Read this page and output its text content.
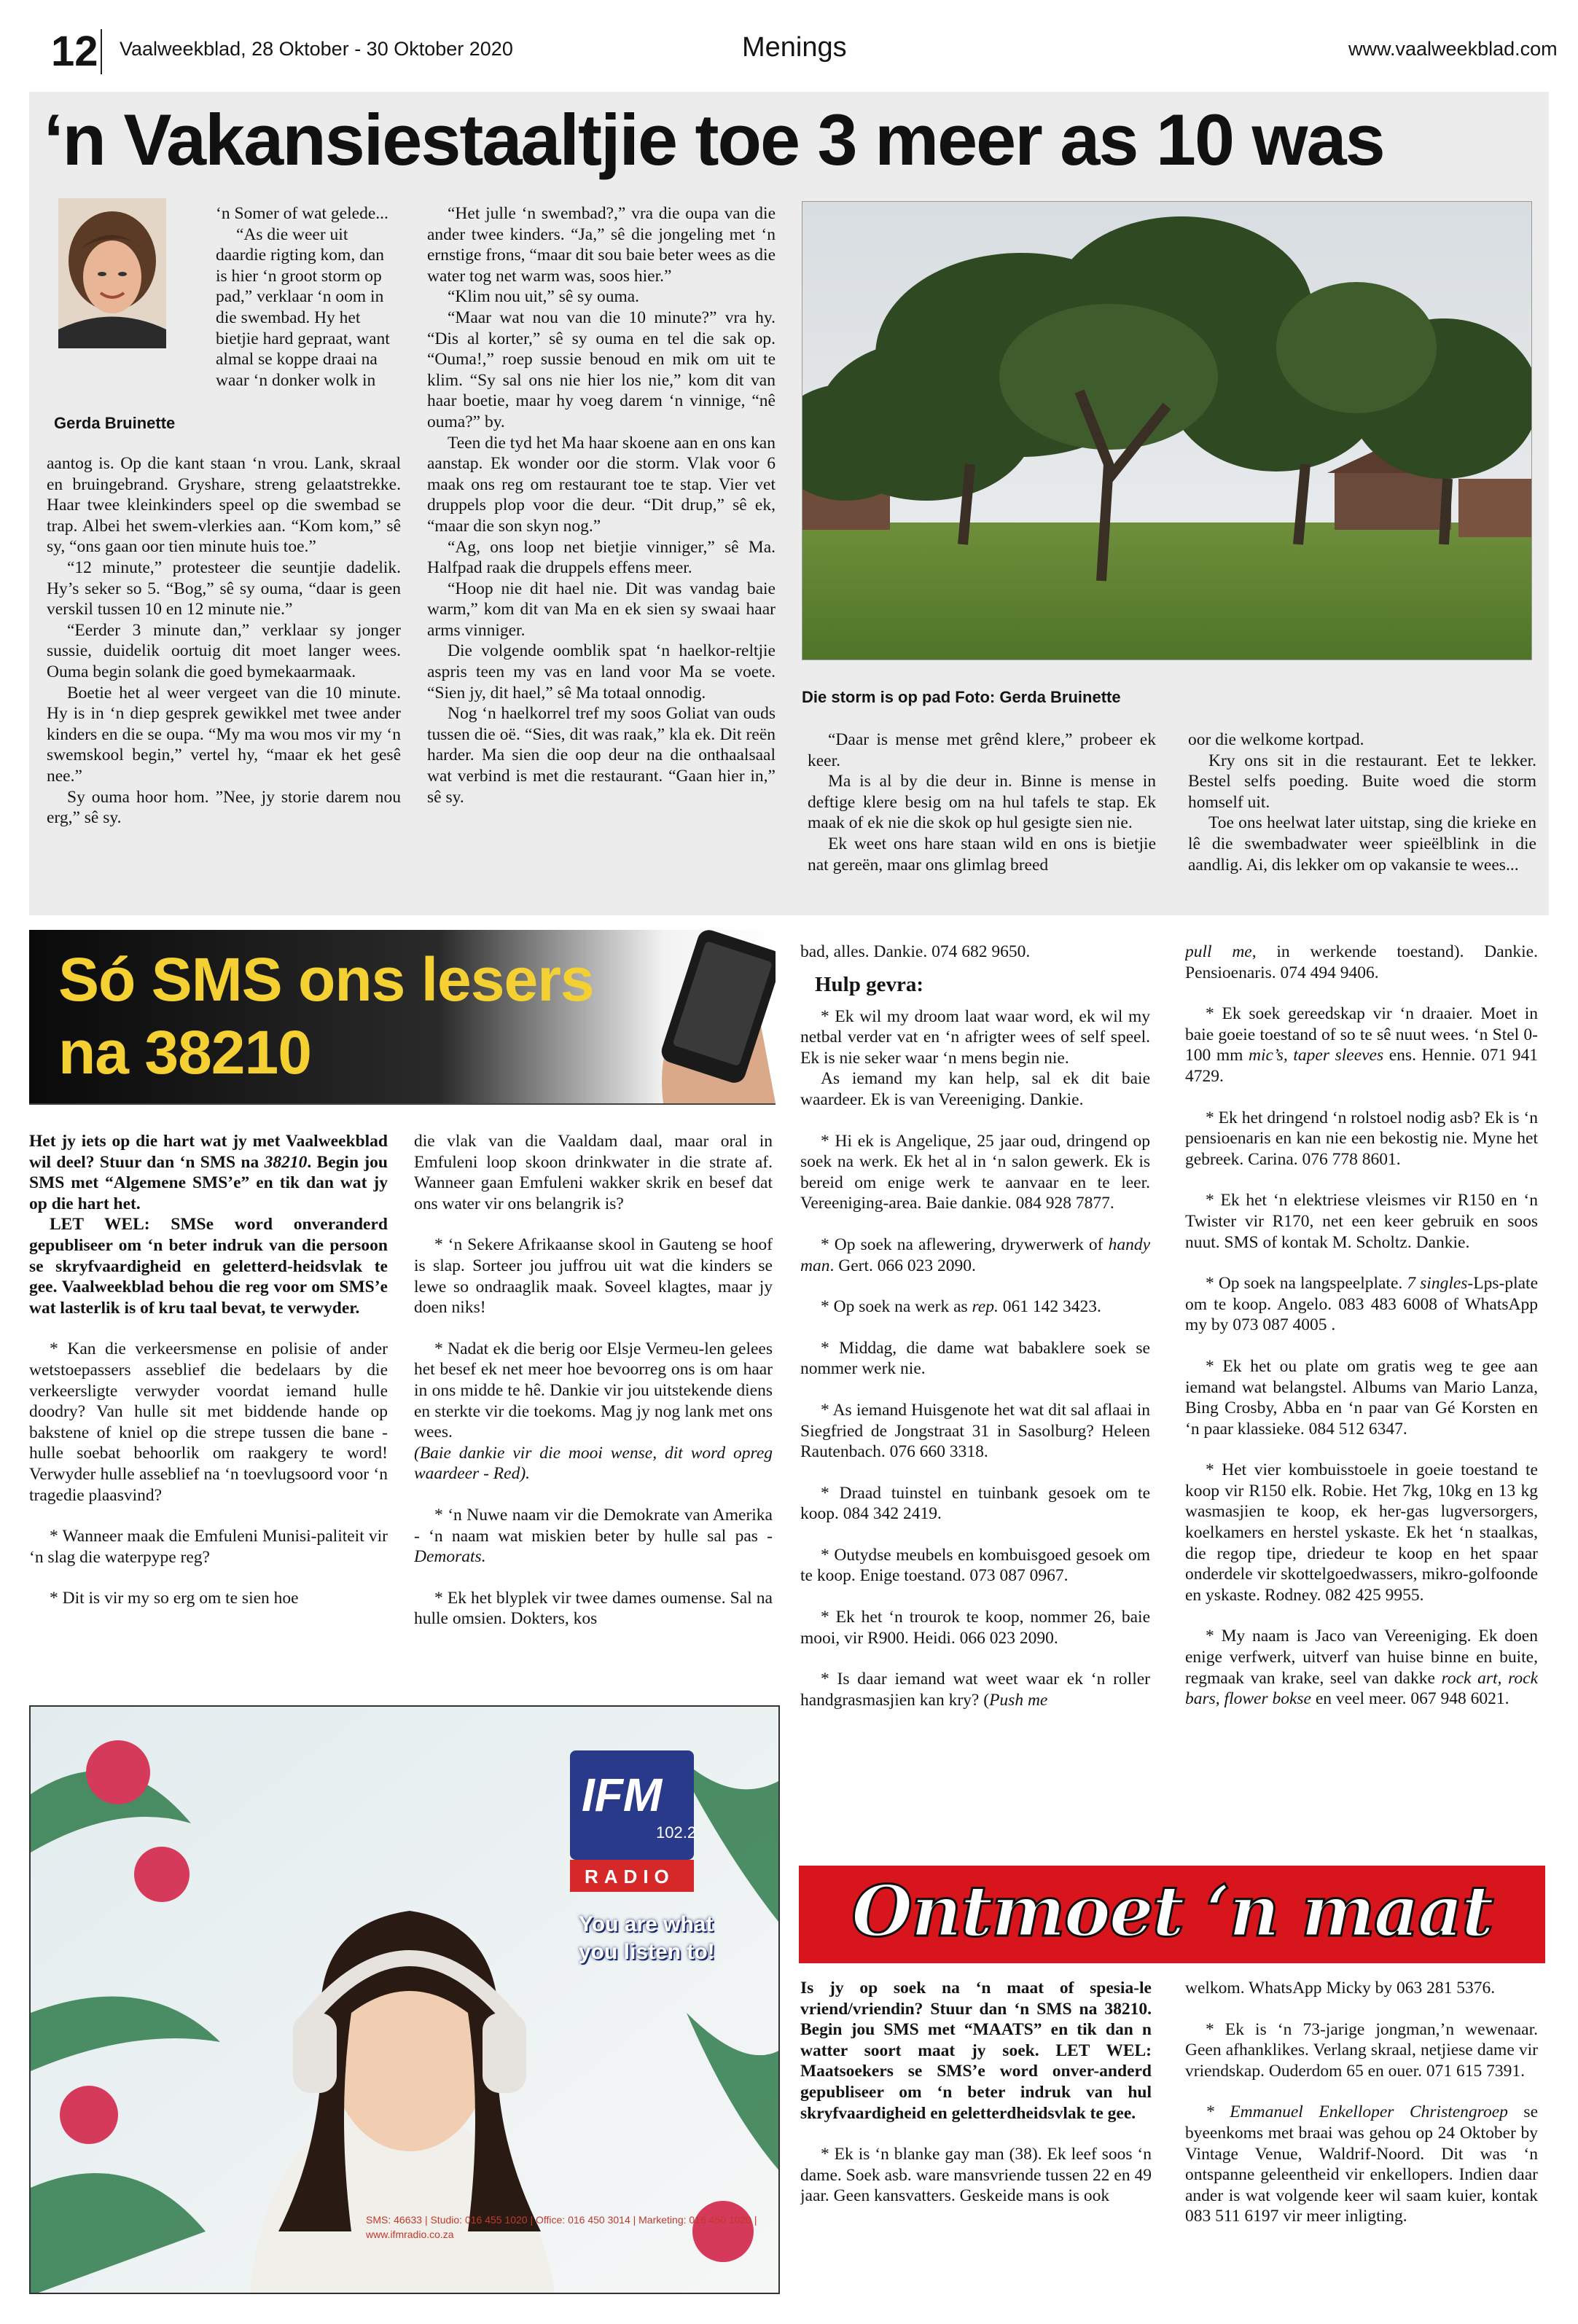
12 Vaalweekblad, 28 Oktober - 30 Oktober 2020	Menings	www.vaalweekblad.com
‘n Vakansiestaaltjie toe 3 meer as 10 was
Gerda Bruinette

‘n Somer of wat gelede...

“As die weer uit daardie rigting kom, dan is hier ‘n groot storm op pad,” verklaar ‘n oom in die swembad. Hy het bietjie hard gepraat, want almal se koppe draai na waar ‘n donker wolk in

aantog is. Op die kant staan ‘n vrou. Lank, skraal en bruingebrand. Gryshare, streng gelaatstrekke. Haar twee kleinkinders speel op die swembad se trap. Albei het swem-vlerkies aan. “Kom kom,” sê sy, “ons gaan oor tien minute huis toe.”

“12 minute,” protesteer die seuntjie dadelik. Hy’s seker so 5. “Bog,” sê sy ouma, “daar is geen verskil tussen 10 en 12 minute nie.”

“Eerder 3 minute dan,” verklaar sy jonger sussie, duidelik oortuig dit moet langer wees. Ouma begin solank die goed bymekaarmaak.

Boetie het al weer vergeet van die 10 minute. Hy is in ‘n diep gesprek gewikkel met twee ander kinders en die se oupa. “My ma wou mos vir my ‘n swemskool begin,” vertel hy, “maar ek het gesê nee.”

Sy ouma hoor hom. ”Nee, jy storie darem nou erg,” sê sy.

“Het julle ‘n swembad?,” vra die oupa van die ander twee kinders. “Ja,” sê die jongeling met ‘n ernstige frons, “maar dit sou baie beter wees as die water tog net warm was, soos hier.”

“Klim nou uit,” sê sy ouma.

“Maar wat nou van die 10 minute?” vra hy. “Dis al korter,” sê sy ouma en tel die sak op. “Ouma!,” roep sussie benoud en mik om uit te klim. “Sy sal ons nie hier los nie,” kom dit van haar boetie, maar hy voeg darem ‘n vinnige, “nê ouma?” by.

Teen die tyd het Ma haar skoene aan en ons kan aanstap. Ek wonder oor die storm. Vlak voor 6 maak ons reg om restaurant toe te stap. Vier vet druppels plop voor die deur. “Dit drup,” sê ek, “maar die son skyn nog.”

“Ag, ons loop net bietjie vinniger,” sê Ma. Halfpad raak die druppels effens meer.

“Hoop nie dit hael nie. Dit was vandag baie warm,” kom dit van Ma en ek sien sy swaai haar arms vinniger.

Die volgende oomblik spat ‘n haelkor-reltjie aspris teen my vas en land voor Ma se voete. “Sien jy, dit hael,” sê Ma totaal onnodig.

Nog ‘n haelkorrel tref my soos Goliat van ouds tussen die oë. “Sies, dit was raak,” kla ek. Dit reën harder. Ma sien die oop deur na die onthaalsaal wat verbind is met die restaurant. “Gaan hier in,” sê sy.

Die storm is op pad Foto: Gerda Bruinette

“Daar is mense met grênd klere,” probeer ek keer.

Ma is al by die deur in. Binne is mense in deftige klere besig om na hul tafels te stap. Ek maak of ek nie die skok op hul gesigte sien nie.

Ek weet ons hare staan wild en ons is bietjie nat gereën, maar ons glimlag breed

oor die welkome kortpad.

Kry ons sit in die restaurant. Eet te lekker. Bestel selfs poeding. Buite woed die storm homself uit.

Toe ons heelwat later uitstap, sing die krieke en lê die swembadwater weer spieëlblink in die aandlig. Ai, dis lekker om op vakansie te wees...

Só SMS ons lesers
na 38210

Het jy iets op die hart wat jy met Vaalweekblad wil deel? Stuur dan ‘n SMS na 38210. Begin jou SMS met “Algemene SMS’e” en tik dan wat jy op die hart het.

LET WEL: SMSe word onveranderd gepubliseer om ‘n beter indruk van die persoon se skryfvaardigheid en geletterd-heidsvlak te gee. Vaalweekblad behou die reg voor om SMS’e wat lasterlik is of kru taal bevat, te verwyder.

* Kan die verkeersmense en polisie of ander wetstoepassers asseblief die bedelaars by die verkeersligte verwyder voordat iemand hulle doodry? Van hulle sit met biddende hande op bakstene of kniel op die strepe tussen die bane - hulle soebat behoorlik om raakgery te word! Verwyder hulle asseblief na ‘n toevlugsoord voor ‘n tragedie plaasvind?

* Wanneer maak die Emfuleni Munisi-paliteit vir ‘n slag die waterpype reg?

* Dit is vir my so erg om te sien hoe

die vlak van die Vaaldam daal, maar oral in Emfuleni loop skoon drinkwater in die strate af. Wanneer gaan Emfuleni wakker skrik en besef dat ons water vir ons belangrik is?

* ‘n Sekere Afrikaanse skool in Gauteng se hoof is slap. Sorteer jou juffrou uit wat die kinders se lewe so ondraaglik maak. Soveel klagtes, maar jy doen niks!

* Nadat ek die berig oor Elsje Vermeu-len gelees het besef ek net meer hoe bevoorreg ons is om haar in ons midde te hê. Dankie vir jou uitstekende diens en sterkte vir die toekoms. Mag jy nog lank met ons wees.

(Baie dankie vir die mooi wense, dit word opreg waardeer - Red).

* ‘n Nuwe naam vir die Demokrate van Amerika - ‘n naam wat miskien beter by hulle sal pas - Demorats.

* Ek het blyplek vir twee dames oumense. Sal na hulle omsien. Dokters, kos

bad, alles. Dankie. 074 682 9650.

Hulp gevra:

* Ek wil my droom laat waar word, ek wil my netbal verder vat en ‘n afrigter wees of self speel. Ek is nie seker waar ‘n mens begin nie.

As iemand my kan help, sal ek dit baie waardeer. Ek is van Vereeniging. Dankie.

* Hi ek is Angelique, 25 jaar oud, dringend op soek na werk. Ek het al in ‘n salon gewerk. Ek is bereid om enige werk te aanvaar en te leer. Vereeniging-area. Baie dankie. 084 928 7877.

* Op soek na aflewering, drywerwerk of handy man. Gert. 066 023 2090.

* Op soek na werk as rep. 061 142 3423.

* Middag, die dame wat babaklere soek se nommer werk nie.

* As iemand Huisgenote het wat dit sal aflaai in Siegfried de Jongstraat 31 in Sasolburg? Heleen Rautenbach. 076 660 3318.

* Draad tuinstel en tuinbank gesoek om te koop. 084 342 2419.

* Outydse meubels en kombuisgoed gesoek om te koop. Enige toestand. 073 087 0967.

* Ek het ‘n trourok te koop, nommer 26, baie mooi, vir R900. Heidi. 066 023 2090.

* Is daar iemand wat weet waar ek ‘n roller handgrasmasjien kan kry? (Push me

pull me, in werkende toestand). Dankie. Pensioenaris. 074 494 9406.

* Ek soek gereedskap vir ‘n draaier. Moet in baie goeie toestand of so te sê nuut wees. ‘n Stel 0-100 mm mic’s, taper sleeves ens. Hennie. 071 941 4729.

* Ek het dringend ‘n rolstoel nodig asb? Ek is ‘n pensioenaris en kan nie een bekostig nie. Myne het gebreek. Carina. 076 778 8601.

* Ek het ‘n elektriese vleismes vir R150 en ‘n Twister vir R170, net een keer gebruik en soos nuut. SMS of kontak M. Scholtz. Dankie.

* Op soek na langspeelplate. 7 singles-Lps-plate om te koop. Angelo. 083 483 6008 of WhatsApp my by 073 087 4005 .

* Ek het ou plate om gratis weg te gee aan iemand wat belangstel. Albums van Mario Lanza, Bing Crosby, Abba en ‘n paar van Gé Korsten en ‘n paar klassieke. 084 512 6347.

* Het vier kombuisstoele in goeie toestand te koop vir R150 elk. Robie. Het 7kg, 10kg en 13 kg wasmasjien te koop, ek her-gas lugversorgers, koelkamers en herstel yskaste. Ek het ‘n staalkas, die regop tipe, driedeur te koop en het spaar onderdele vir skottelgoedwassers, mikro-golfoonde en yskaste. Rodney. 082 425 9955.

* My naam is Jaco van Vereeniging. Ek doen enige verfwerk, uitverf van huise binne en buite, regmaak van krake, seel van dakke rock art, rock bars, flower bokse en veel meer. 067 948 6021.

Ontmoet ‘n maat

Is jy op soek na ‘n maat of spesia-le vriend/vriendin? Stuur dan ‘n SMS na 38210. Begin jou SMS met “MAATS” en tik dan n watter soort maat jy soek. LET WEL: Maatsoekers se SMS’e word onver-anderd gepubliseer om ‘n beter indruk van hul skryfvaardigheid en geletterdheidsvlak te gee.

* Ek is ‘n blanke gay man (38). Ek leef soos ‘n dame. Soek asb. ware mansvriende tussen 22 en 49 jaar. Geen kansvatters. Geskeide mans is ook

welkom. WhatsApp Micky by 063 281 5376.

* Ek is ‘n 73-jarige jongman,’n wewenaar. Geen afhanklikes. Verlang skraal, netjiese dame vir vriendskap. Ouderdom 65 en ouer. 071 615 7391.

* Emmanuel Enkelloper Christengroep se byeenkoms met braai was gehou op 24 Oktober by Vintage Venue, Waldrif-Noord. Dit was ‘n ontspanne geleentheid vir enkellopers. Indien daar ander is wat volgende keer wil saam kuier, kontak 083 511 6197 vir meer inligting.

IFM
102.2
RADIO
You are what
you listen to!
SMS: 46633 | Studio: 016 455 1020 | Office: 016 450 3014 | Marketing: 016 450 1020 | www.ifmradio.co.za
